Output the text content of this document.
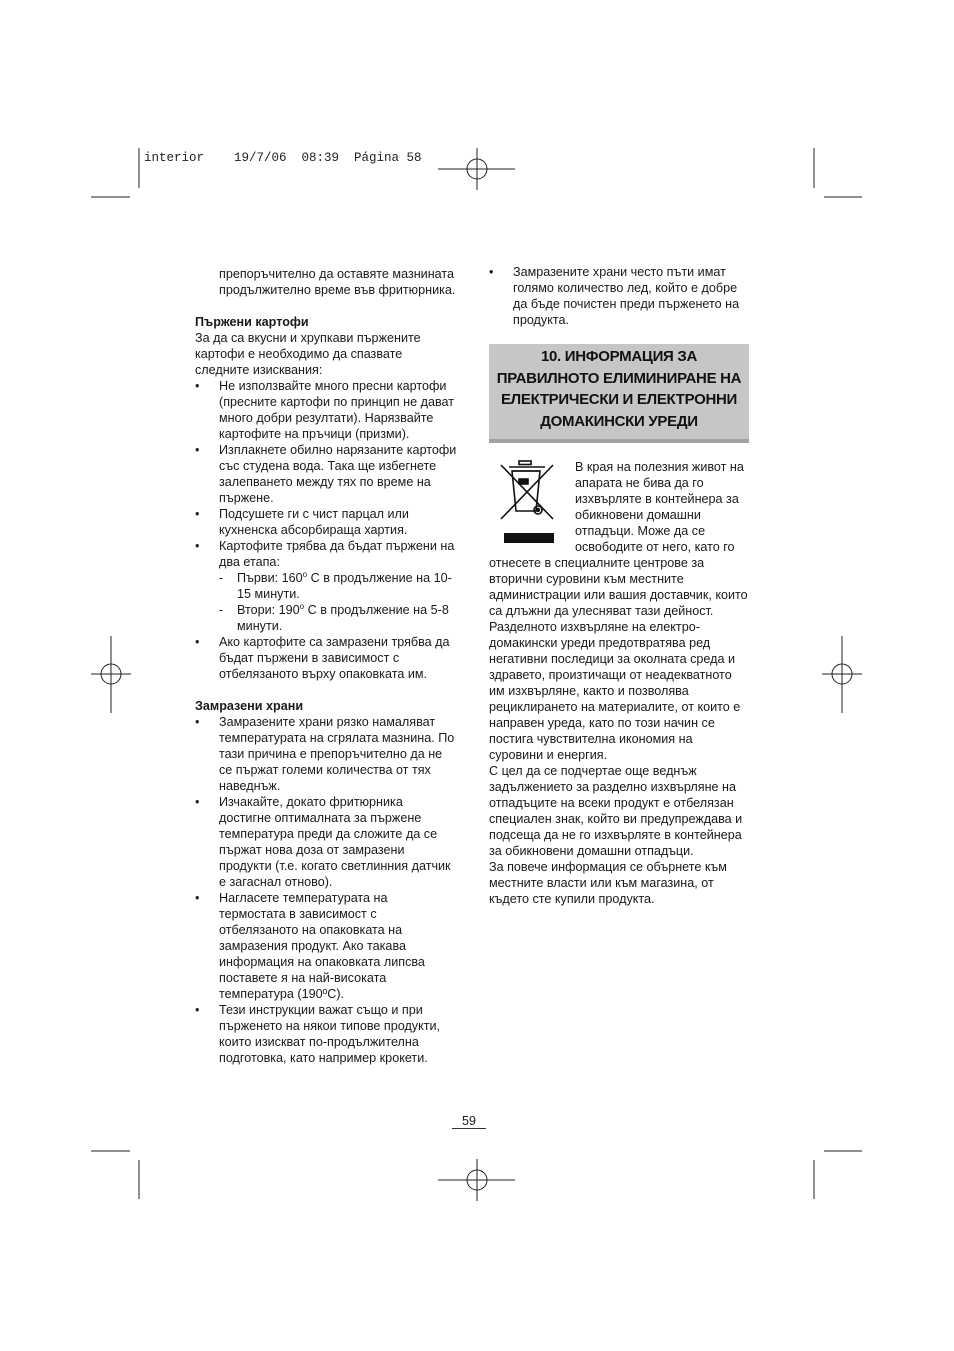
interior    19/7/06  08:39  Página 58

препоръчително да оставяте мазнината продължително време във фритюрника.

Пържени картофи

За да са вкусни и хрупкави пържените картофи е необходимо да спазвате следните изисквания:

• Не използвайте много пресни картофи (пресните картофи по принцип не дават много добри резултати). Нарязвайте картофите на пръчици (призми).
• Изплакнете обилно нарязаните картофи със студена вода. Така ще избегнете залепването между тях по време на пържене.
• Подсушете ги с чист парцал или кухненска абсорбираща хартия.
• Картофите трябва да бъдат пържени на два етапа:
- Първи: 160$^o$ C в продължение на 10-15 минути.
- Втори: 190$^o$ C в продължение на 5-8 минути.
• Ако картофите са замразени трябва да бъдат пържени в зависимост с отбелязаното върху опаковката им.

Замразени храни

• Замразените храни рязко намаляват температурата на сгрялата мазнина. По тази причина е препоръчително да не се пържат големи количества от тях наведнъж.
• Изчакайте, докато фритюрника достигне оптималната за пържене температура преди да сложите да се пържат нова доза от замразени продукти (т.е. когато светлинния датчик е загаснал отново).
• Нагласете температурата на термостата в зависимост с отбелязаното на опаковката на замразения продукт. Ако такава информация на опаковката липсва поставете я на най-високата температура (190ºC).
• Тези инструкции важат също и при пърженето на някои типове продукти, които изискват по-продължителна подготовка, като например крокети.
• Замразените храни често пъти имат голямо количество лед, който е добре да бъде почистен преди пърженето на продукта.
10. ИНФОРМАЦИЯ ЗА ПРАВИЛНОТО ЕЛИМИНИРАНЕ НА ЕЛЕКТРИЧЕСКИ И ЕЛЕКТРОННИ ДОМАКИНСКИ УРЕДИ

В края на полезния живот на апарата не бива да го изхвърляте в контейнера за обикновени домашни отпадъци. Може да се освободите от него, като го отнесете в специалните центрове за вторични суровини към местните администрации или вашия доставчик, които са длъжни да улесняват тази дейност. Разделното изхвърляне на електро-домакински уреди предотвратява ред негативни последици за околната среда и здравето, произтичащи от неадекватното им изхвърляне, както и позволява рециклирането на материалите, от които е направен уреда, като по този начин се постига чувствителна икономия на суровини и енергия.

С цел да се подчертае още веднъж задължението за разделно изхвърляне на отпадъците на всеки продукт е отбелязан специален знак, който ви предупреждава и подсеща да не го изхвърляте в контейнера за обикновени домашни отпадъци.

За повече информация се обърнете към местните власти или към магазина, от където сте купили продукта.

59
